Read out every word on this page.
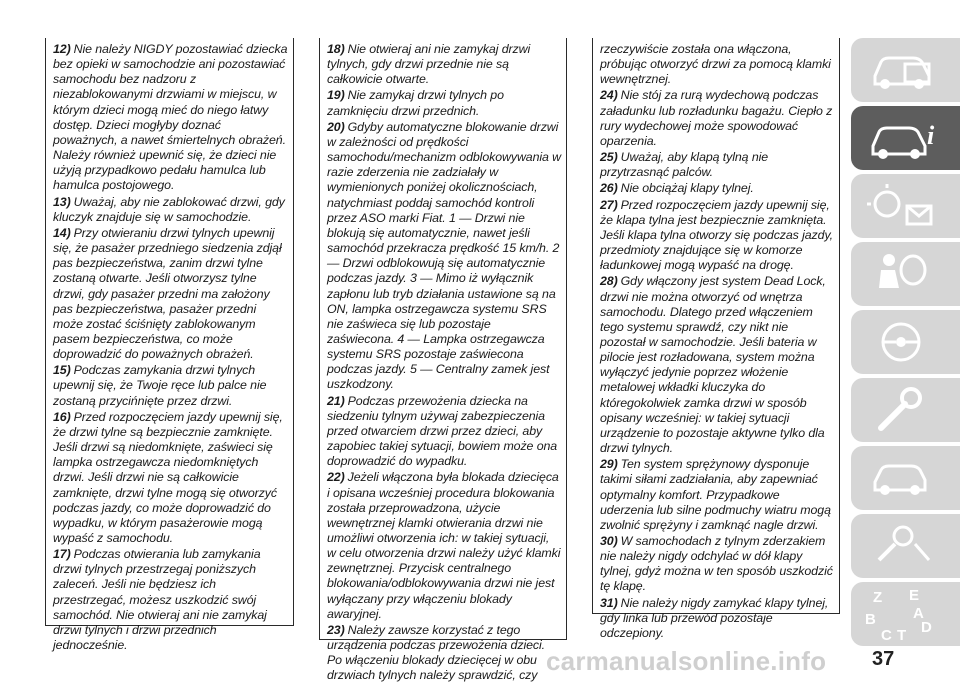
12) Nie należy NIGDY pozostawiać dziecka bez opieki w samochodzie ani pozostawiać samochodu bez nadzoru z niezablokowanymi drzwiami w miejscu, w którym dzieci mogą mieć do niego łatwy dostęp. Dzieci mogłyby doznać poważnych, a nawet śmiertelnych obrażeń. Należy również upewnić się, że dzieci nie użyją przypadkowo pedału hamulca lub hamulca postojowego.

13) Uważaj, aby nie zablokować drzwi, gdy kluczyk znajduje się w samochodzie.

14) Przy otwieraniu drzwi tylnych upewnij się, że pasażer przedniego siedzenia zdjął pas bezpieczeństwa, zanim drzwi tylne zostaną otwarte. Jeśli otworzysz tylne drzwi, gdy pasażer przedni ma założony pas bezpieczeństwa, pasażer przedni może zostać ściśnięty zablokowanym pasem bezpieczeństwa, co może doprowadzić do poważnych obrażeń.

15) Podczas zamykania drzwi tylnych upewnij się, że Twoje ręce lub palce nie zostaną przycińnięte przez drzwi.

16) Przed rozpoczęciem jazdy upewnij się, że drzwi tylne są bezpiecznie zamknięte. Jeśli drzwi są niedomknięte, zaświeci się lampka ostrzegawcza niedomkniętych drzwi. Jeśli drzwi nie są całkowicie zamknięte, drzwi tylne mogą się otworzyć podczas jazdy, co może doprowadzić do wypadku, w którym pasażerowie mogą wypaść z samochodu.

17) Podczas otwierania lub zamykania drzwi tylnych przestrzegaj poniższych zaleceń. Jeśli nie będziesz ich przestrzegać, możesz uszkodzić swój samochód. Nie otwieraj ani nie zamykaj drzwi tylnych i drzwi przednich jednocześnie.

18) Nie otwieraj ani nie zamykaj drzwi tylnych, gdy drzwi przednie nie są całkowicie otwarte.

19) Nie zamykaj drzwi tylnych po zamknięciu drzwi przednich.

20) Gdyby automatyczne blokowanie drzwi w zależności od prędkości samochodu/mechanizm odblokowywania w razie zderzenia nie zadziałały w wymienionych poniżej okolicznościach, natychmiast poddaj samochód kontroli przez ASO marki Fiat. 1 — Drzwi nie blokują się automatycznie, nawet jeśli samochód przekracza prędkość 15 km/h. 2 — Drzwi odblokowują się automatycznie podczas jazdy. 3 — Mimo iż wyłącznik zapłonu lub tryb działania ustawione są na ON, lampka ostrzegawcza systemu SRS nie zaświeca się lub pozostaje zaświecona. 4 — Lampka ostrzegawcza systemu SRS pozostaje zaświecona podczas jazdy. 5 — Centralny zamek jest uszkodzony.

21) Podczas przewożenia dziecka na siedzeniu tylnym używaj zabezpieczenia przed otwarciem drzwi przez dzieci, aby zapobiec takiej sytuacji, bowiem może ona doprowadzić do wypadku.

22) Jeżeli włączona była blokada dziecięca i opisana wcześniej procedura blokowania została przeprowadzona, użycie wewnętrznej klamki otwierania drzwi nie umożliwi otworzenia ich: w takiej sytuacji, w celu otworzenia drzwi należy użyć klamki zewnętrznej. Przycisk centralnego blokowania/odblokowywania drzwi nie jest wyłączany przy włączeniu blokady awaryjnej.

23) Należy zawsze korzystać z tego urządzenia podczas przewożenia dzieci. Po włączeniu blokady dziecięcej w obu drzwiach tylnych należy sprawdzić, czy

rzeczywiście została ona włączona, próbując otworzyć drzwi za pomocą klamki wewnętrznej.

24) Nie stój za rurą wydechową podczas załadunku lub rozładunku bagażu. Ciepło z rury wydechowej może spowodować oparzenia.

25) Uważaj, aby klapą tylną nie przytrzasnąć palców.

26) Nie obciążaj klapy tylnej.

27) Przed rozpoczęciem jazdy upewnij się, że klapa tylna jest bezpiecznie zamknięta. Jeśli klapa tylna otworzy się podczas jazdy, przedmioty znajdujące się w komorze ładunkowej mogą wypaść na drogę.

28) Gdy włączony jest system Dead Lock, drzwi nie można otworzyć od wnętrza samochodu. Dlatego przed włączeniem tego systemu sprawdź, czy nikt nie pozostał w samochodzie. Jeśli bateria w pilocie jest rozładowana, system można wyłączyć jedynie poprzez włożenie metalowej wkładki kluczyka do któregokolwiek zamka drzwi w sposób opisany wcześniej: w takiej sytuacji urządzenie to pozostaje aktywne tylko dla drzwi tylnych.

29) Ten system sprężynowy dysponuje takimi siłami zadziałania, aby zapewniać optymalny komfort. Przypadkowe uderzenia lub silne podmuchy wiatru mogą zwolnić sprężyny i zamknąć nagle drzwi.

30) W samochodach z tylnym zderzakiem nie należy nigdy odchylać w dół klapy tylnej, gdyż można w ten sposób uszkodzić tę klapę.

31) Nie należy nigdy zamykać klapy tylnej, gdy linka lub przewód pozostaje odczepiony.

i
Z E
B
C T D
A
carmanualsonline.info 37
